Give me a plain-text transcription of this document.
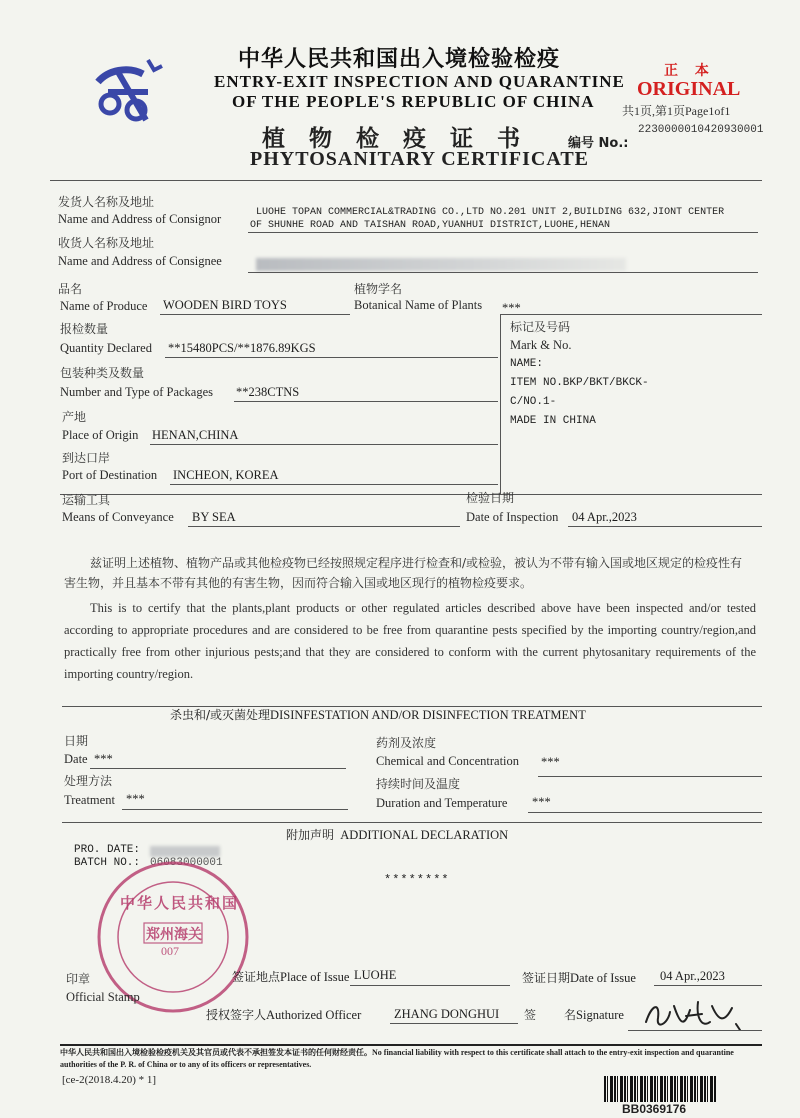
中华人民共和国出入境检验检疫
ENTRY-EXIT INSPECTION AND QUARANTINE
OF THE PEOPLE'S REPUBLIC OF CHINA
正 本
ORIGINAL
共1页,第1页Page1of1
植 物 检 疫 证 书
PHYTOSANITARY CERTIFICATE
编号 No.:
2230000010420930001
发货人名称及地址
Name and Address of Consignor	LUOHE TOPAN COMMERCIAL&TRADING CO.,LTD NO.201 UNIT 2,BUILDING 632,JIONT CENTER
OF SHUNHE ROAD AND TAISHAN ROAD,YUANHUI DISTRICT,LUOHE,HENAN
收货人名称及地址
Name and Address of Consignee
品名
Name of Produce WOODEN BIRD TOYS
植物学名
Botanical Name of Plants ***
报检数量
Quantity Declared **15480PCS/**1876.89KGS
标记及号码
Mark & No.
NAME:
ITEM NO.BKP/BKT/BKCK-
C/NO.1-
MADE IN CHINA
包装种类及数量
Number and Type of Packages **238CTNS
产地
Place of Origin HENAN,CHINA
到达口岸
Port of Destination INCHEON, KOREA
运输工具
Means of Conveyance BY SEA
检验日期
Date of Inspection 04 Apr.,2023
兹证明上述植物、植物产品或其他检疫物已经按照规定程序进行检查和/或检验，被认为不带有输入国或地区规定的检疫性有害生物，并且基本不带有其他的有害生物，因而符合输入国或地区现行的植物检疫要求。
This is to certify that the plants,plant products or other regulated articles described above have been inspected and/or tested according to appropriate procedures and are considered to be free from quarantine pests specified by the importing country/region,and practically free from other injurious pests;and that they are considered to conform with the current phytosanitary requirements of the importing country/region.
杀虫和/或灭菌处理DISINFESTATION AND/OR DISINFECTION TREATMENT
日期
Date ***
药剂及浓度
Chemical and Concentration ***
处理方法
Treatment ***
持续时间及温度
Duration and Temperature ***
附加声明 ADDITIONAL DECLARATION
PRO. DATE:
BATCH NO.: 06083000001
********
中华人民共和国
郑州海关
007
印章
Official Stamp
签证地点Place of Issue LUOHE	签证日期Date of Issue 04 Apr.,2023
授权签字人Authorized Officer	ZHANG DONGHUI 签 名Signature
中华人民共和国出入境检验检疫机关及其官员或代表不承担签发本证书的任何财经责任。No financial liability with respect to this certificate shall attach to the entry-exit inspection and quarantine authorities of the P. R. of China or to any of its officers or representatives.
[ce-2(2018.4.20) * 1]
BB0369176
